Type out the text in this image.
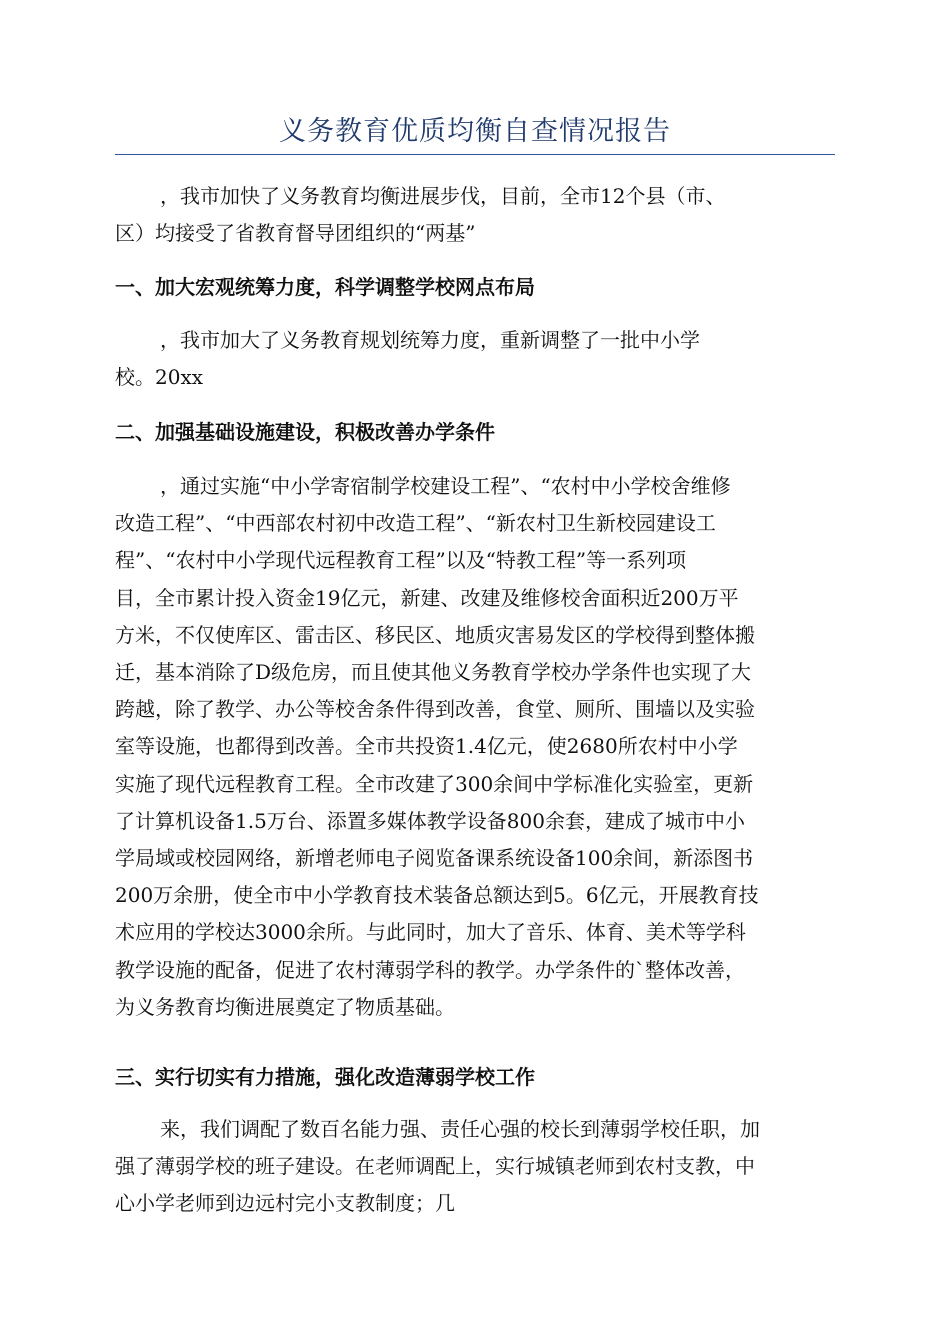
义务教育优质均衡自查情况报告

，我市加快了义务教育均衡进展步伐，目前，全市12个县（市、
区）均接受了省教育督导团组织的“两基”

一、加大宏观统筹力度，科学调整学校网点布局

，我市加大了义务教育规划统筹力度，重新调整了一批中小学
校。20xx

二、加强基础设施建设，积极改善办学条件

，通过实施“中小学寄宿制学校建设工程”、“农村中小学校舍维修
改造工程”、“中西部农村初中改造工程”、“新农村卫生新校园建设工
程”、“农村中小学现代远程教育工程”以及“特教工程”等一系列项
目，全市累计投入资金19亿元，新建、改建及维修校舍面积近200万平
方米，不仅使库区、雷击区、移民区、地质灾害易发区的学校得到整体搬
迁，基本消除了D级危房，而且使其他义务教育学校办学条件也实现了大
跨越，除了教学、办公等校舍条件得到改善，食堂、厕所、围墙以及实验
室等设施，也都得到改善。全市共投资1.4亿元，使2680所农村中小学
实施了现代远程教育工程。全市改建了300余间中学标准化实验室，更新
了计算机设备1.5万台、添置多媒体教学设备800余套，建成了城市中小
学局域或校园网络，新增老师电子阅览备课系统设备100余间，新添图书
200万余册，使全市中小学教育技术装备总额达到5。6亿元，开展教育技
术应用的学校达3000余所。与此同时，加大了音乐、体育、美术等学科
教学设施的配备，促进了农村薄弱学科的教学。办学条件的`整体改善，
为义务教育均衡进展奠定了物质基础。

三、实行切实有力措施，强化改造薄弱学校工作

来，我们调配了数百名能力强、责任心强的校长到薄弱学校任职，加
强了薄弱学校的班子建设。在老师调配上，实行城镇老师到农村支教，中
心小学老师到边远村完小支教制度；几
